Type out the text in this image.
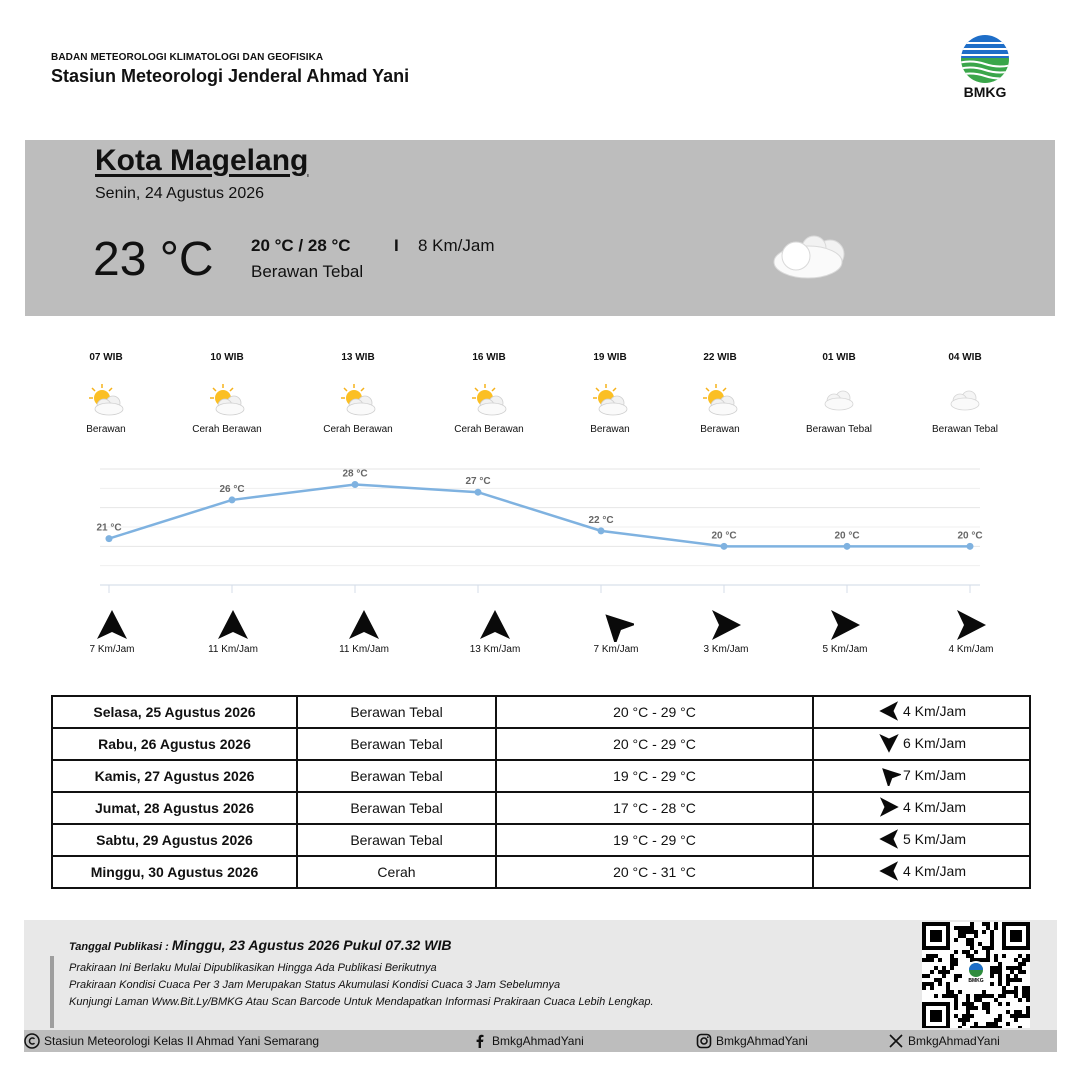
BADAN METEOROLOGI KLIMATOLOGI DAN GEOFISIKA
Stasiun Meteorologi Jenderal Ahmad Yani
BMKG
Kota Magelang
Senin, 24 Agustus 2026
23 °C 20 °C / 28 °C	I 8 Km/Jam
Berawan Tebal
07 WIB
Berawan
10 WIB
Cerah Berawan
13 WIB
Cerah Berawan
16 WIB
Cerah Berawan
19 WIB
Berawan
22 WIB
Berawan
01 WIB
Berawan Tebal
04 WIB
Berawan Tebal
21 °C
26 °C
28 °C
27 °C
22 °C
20 °C	20 °C	20 °C
7 Km/Jam	11 Km/Jam	11 Km/Jam	13 Km/Jam	7 Km/Jam	3 Km/Jam	5 Km/Jam	4 Km/Jam
Selasa, 25 Agustus 2026	Berawan Tebal	20 °C - 29 °C	4 Km/Jam

Rabu, 26 Agustus 2026	Berawan Tebal	20 °C - 29 °C	6 Km/Jam

Kamis, 27 Agustus 2026	Berawan Tebal	19 °C - 29 °C	7 Km/Jam

Jumat, 28 Agustus 2026	Berawan Tebal	17 °C - 28 °C	4 Km/Jam

Sabtu, 29 Agustus 2026	Berawan Tebal	19 °C - 29 °C	5 Km/Jam

Minggu, 30 Agustus 2026	Cerah	20 °C - 31 °C	4 Km/Jam
Tanggal Publikasi : Minggu, 23 Agustus 2026 Pukul 07.32 WIB
Prakiraan Ini Berlaku Mulai Dipublikasikan Hingga Ada Publikasi Berikutnya
Prakiraan Kondisi Cuaca Per 3 Jam Merupakan Status Akumulasi Kondisi Cuaca 3 Jam Sebelumnya
Kunjungi Laman Www.Bit.Ly/BMKG Atau Scan Barcode Untuk Mendapatkan Informasi Prakiraan Cuaca Lebih Lengkap.
BMKG
Stasiun Meteorologi Kelas II Ahmad Yani Semarang	BmkgAhmadYani	BmkgAhmadYani	BmkgAhmadYani
